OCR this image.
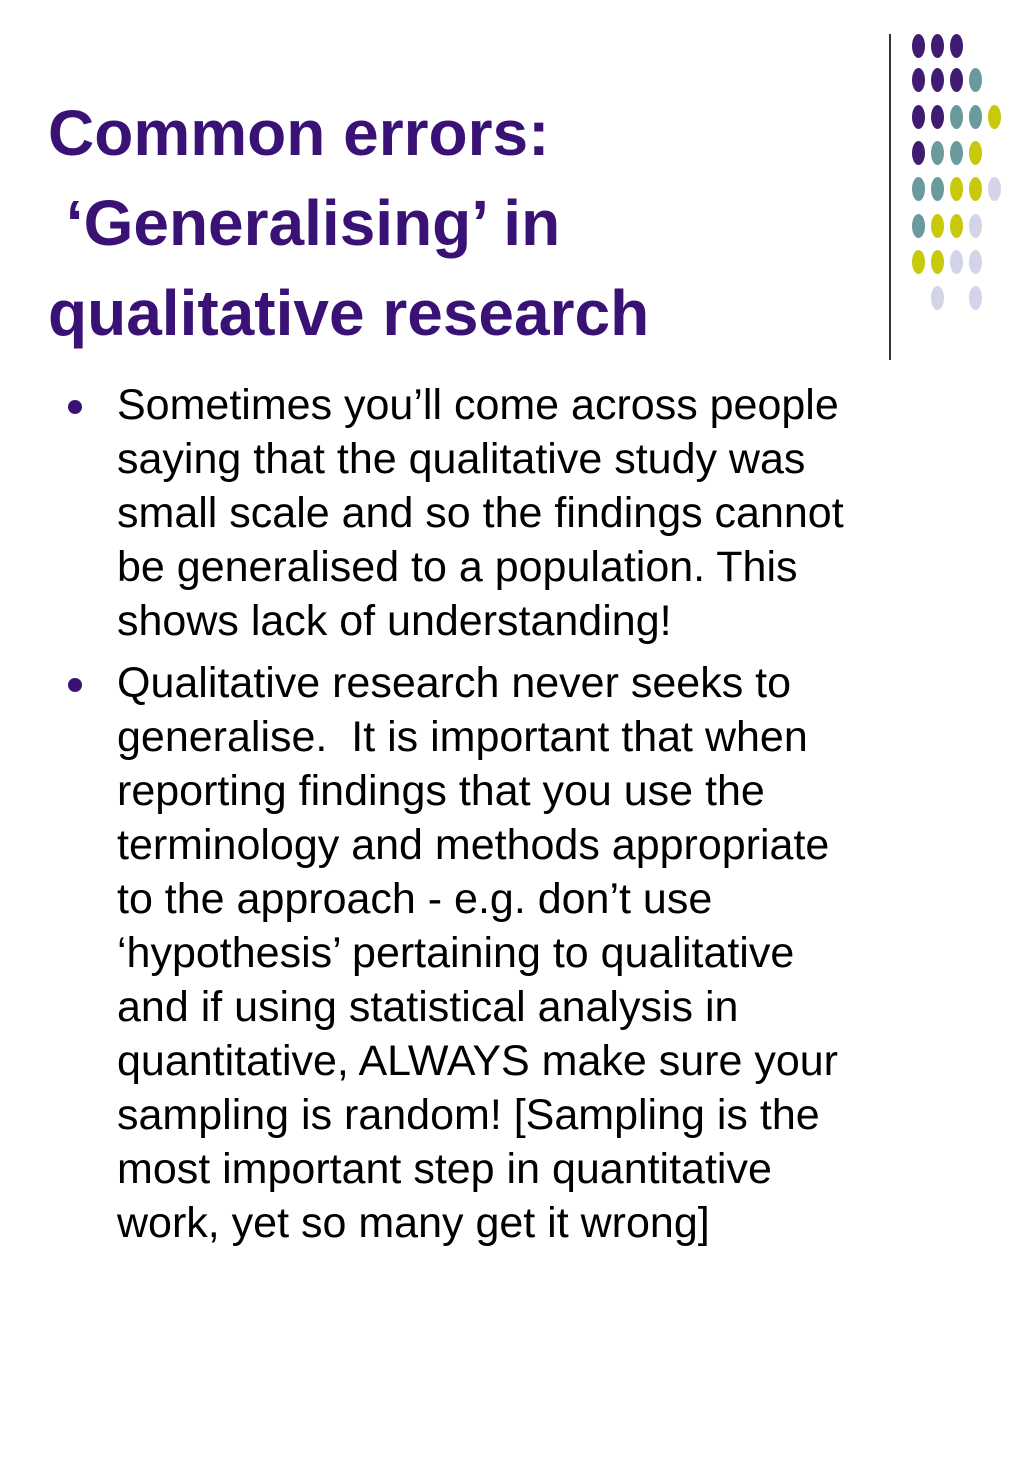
Common errors:
‘Generalising’ in
qualitative research
Sometimes you’ll come across people
saying that the qualitative study was
small scale and so the findings cannot
be generalised to a population. This
shows lack of understanding!
Qualitative research never seeks to
generalise.  It is important that when
reporting findings that you use the
terminology and methods appropriate
to the approach - e.g. don’t use
‘hypothesis’ pertaining to qualitative
and if using statistical analysis in
quantitative, ALWAYS make sure your
sampling is random! [Sampling is the
most important step in quantitative
work, yet so many get it wrong]
